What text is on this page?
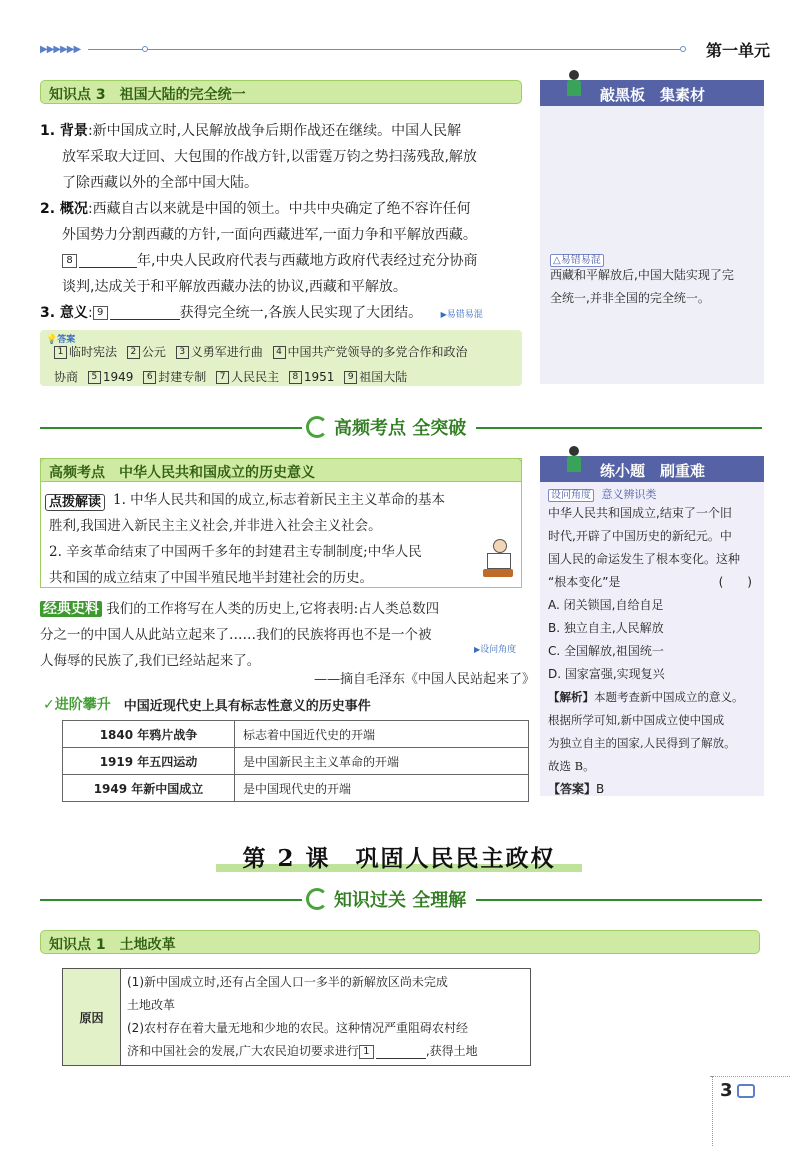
▶▶▶▶▶▶	第一单元
知识点 3　祖国大陆的完全统一
1. 背景:新中国成立时,人民解放战争后期作战还在继续。中国人民解
放军采取大迂回、大包围的作战方针,以雷霆万钧之势扫荡残敌,解放
了除西藏以外的全部中国大陆。
2. 概况:西藏自古以来就是中国的领土。中共中央确定了绝不容许任何
外国势力分割西藏的方针,一面向西藏进军,一面力争和平解放西藏。
8	年,中央人民政府代表与西藏地方政府代表经过充分协商
谈判,达成关于和平解放西藏办法的协议,西藏和平解放。
3. 意义: 9	获得完全统一,各族人民实现了大团结。 ▶易错易混
💡答案
1 临时宪法 2 公元 3 义勇军进行曲 4 中国共产党领导的多党合作和政治
协商 5 1949 6 封建专制 7 人民民主 8 1951 9 祖国大陆
敲黑板　集素材
△易错易混
西藏和平解放后,中国大陆实现了完
全统一,并非全国的完全统一。
高频考点 全突破
高频考点　中华人民共和国成立的历史意义
点拨解读 1. 中华人民共和国的成立,标志着新民主主义革命的基本
胜利,我国进入新民主主义社会,并非进入社会主义社会。
2. 辛亥革命结束了中国两千多年的封建君主专制制度;中华人民
共和国的成立结束了中国半殖民地半封建社会的历史。
经典史料 我们的工作将写在人类的历史上,它将表明:占人类总数四
分之一的中国人从此站立起来了……我们的民族将再也不是一个被
人侮辱的民族了,我们已经站起来了。
▶设问角度
——摘自毛泽东《中国人民站起来了》
✓进阶攀升 中国近现代史上具有标志性意义的历史事件
1840 年鸦片战争	标志着中国近代史的开端
1919 年五四运动	是中国新民主主义革命的开端
1949 年新中国成立	是中国现代史的开端
练小题　刷重难
设问角度 意义辨识类
中华人民共和国成立,结束了一个旧
时代,开辟了中国历史的新纪元。中
国人民的命运发生了根本变化。这种
“根本变化”是	(　　)
A. 闭关锁国,自给自足
B. 独立自主,人民解放
C. 全国解放,祖国统一
D. 国家富强,实现复兴
【解析】本题考查新中国成立的意义。
根据所学可知,新中国成立使中国成
为独立自主的国家,人民得到了解放。
故选 B。
【答案】B
第 2 课　巩固人民民主政权
知识过关 全理解
知识点 1　土地改革
原因	
(1)新中国成立时,还有占全国人口一多半的新解放区尚未完成
土地改革
(2)农村存在着大量无地和少地的农民。这种情况严重阻碍农村经
济和中国社会的发展,广大农民迫切要求进行 1	,获得土地
3
